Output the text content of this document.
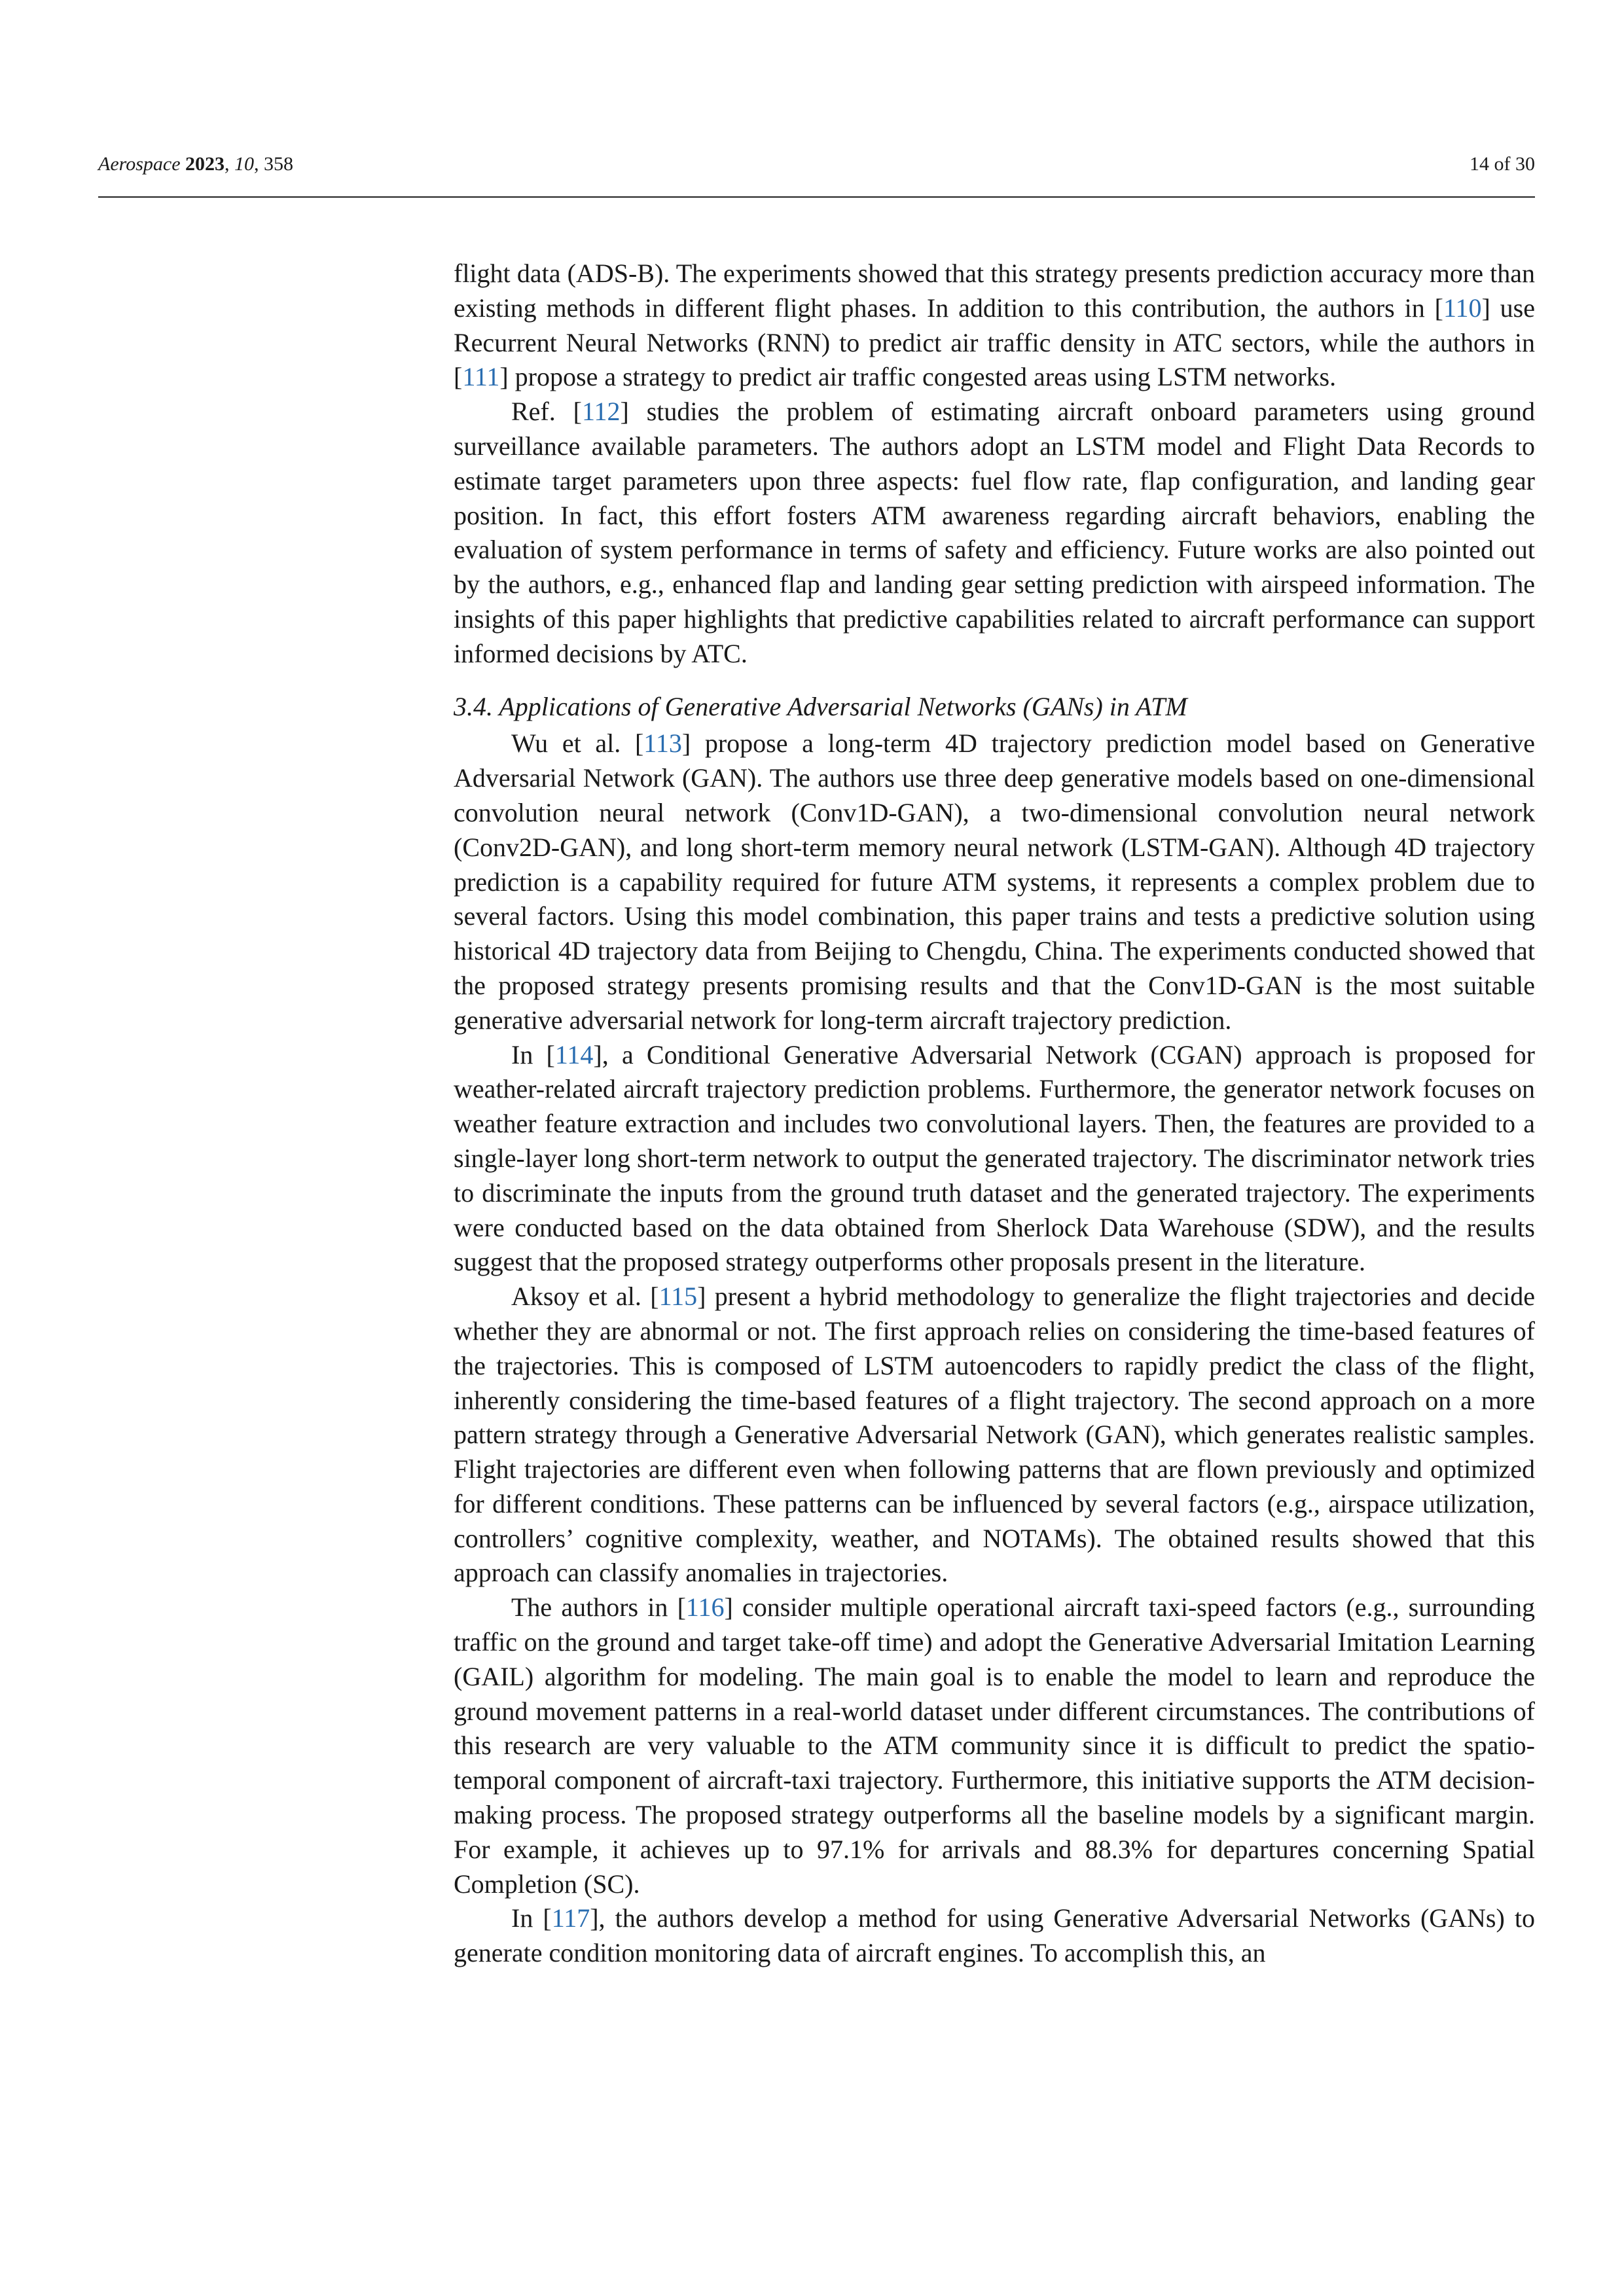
Aerospace 2023, 10, 358	14 of 30

flight data (ADS-B). The experiments showed that this strategy presents prediction accuracy more than existing methods in different flight phases. In addition to this contribution, the authors in [110] use Recurrent Neural Networks (RNN) to predict air traffic density in ATC sectors, while the authors in [111] propose a strategy to predict air traffic congested areas using LSTM networks.

Ref. [112] studies the problem of estimating aircraft onboard parameters using ground surveillance available parameters. The authors adopt an LSTM model and Flight Data Records to estimate target parameters upon three aspects: fuel flow rate, flap configuration, and landing gear position. In fact, this effort fosters ATM awareness regarding aircraft behaviors, enabling the evaluation of system performance in terms of safety and efficiency. Future works are also pointed out by the authors, e.g., enhanced flap and landing gear setting prediction with airspeed information. The insights of this paper highlights that predictive capabilities related to aircraft performance can support informed decisions by ATC.

3.4. Applications of Generative Adversarial Networks (GANs) in ATM

Wu et al. [113] propose a long-term 4D trajectory prediction model based on Generative Adversarial Network (GAN). The authors use three deep generative models based on one-dimensional convolution neural network (Conv1D-GAN), a two-dimensional convolution neural network (Conv2D-GAN), and long short-term memory neural network (LSTM-GAN). Although 4D trajectory prediction is a capability required for future ATM systems, it represents a complex problem due to several factors. Using this model combination, this paper trains and tests a predictive solution using historical 4D trajectory data from Beijing to Chengdu, China. The experiments conducted showed that the proposed strategy presents promising results and that the Conv1D-GAN is the most suitable generative adversarial network for long-term aircraft trajectory prediction.

In [114], a Conditional Generative Adversarial Network (CGAN) approach is proposed for weather-related aircraft trajectory prediction problems. Furthermore, the generator network focuses on weather feature extraction and includes two convolutional layers. Then, the features are provided to a single-layer long short-term network to output the generated trajectory. The discriminator network tries to discriminate the inputs from the ground truth dataset and the generated trajectory. The experiments were conducted based on the data obtained from Sherlock Data Warehouse (SDW), and the results suggest that the proposed strategy outperforms other proposals present in the literature.

Aksoy et al. [115] present a hybrid methodology to generalize the flight trajectories and decide whether they are abnormal or not. The first approach relies on considering the time-based features of the trajectories. This is composed of LSTM autoencoders to rapidly predict the class of the flight, inherently considering the time-based features of a flight trajectory. The second approach on a more pattern strategy through a Generative Adversarial Network (GAN), which generates realistic samples. Flight trajectories are different even when following patterns that are flown previously and optimized for different conditions. These patterns can be influenced by several factors (e.g., airspace utilization, controllers’ cognitive complexity, weather, and NOTAMs). The obtained results showed that this approach can classify anomalies in trajectories.

The authors in [116] consider multiple operational aircraft taxi-speed factors (e.g., surrounding traffic on the ground and target take-off time) and adopt the Generative Adversarial Imitation Learning (GAIL) algorithm for modeling. The main goal is to enable the model to learn and reproduce the ground movement patterns in a real-world dataset under different circumstances. The contributions of this research are very valuable to the ATM community since it is difficult to predict the spatio-temporal component of aircraft-taxi trajectory. Furthermore, this initiative supports the ATM decision-making process. The proposed strategy outperforms all the baseline models by a significant margin. For example, it achieves up to 97.1% for arrivals and 88.3% for departures concerning Spatial Completion (SC).

In [117], the authors develop a method for using Generative Adversarial Networks (GANs) to generate condition monitoring data of aircraft engines. To accomplish this, an
